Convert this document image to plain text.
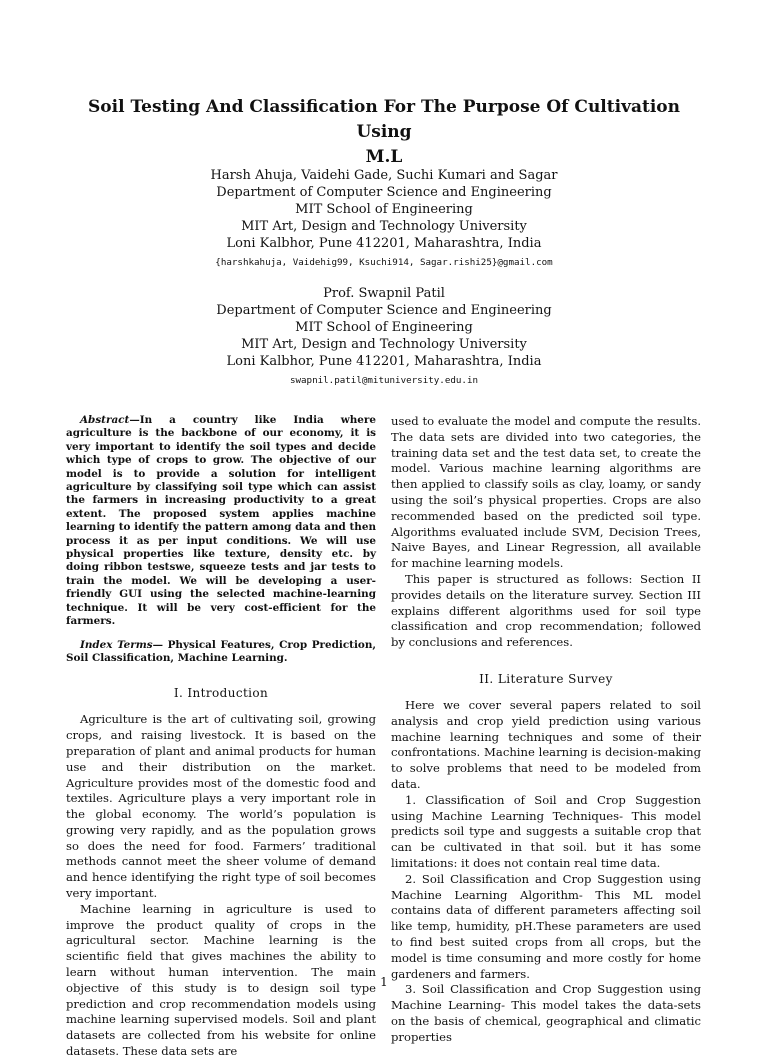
Soil Testing And Classification For The Purpose Of Cultivation Using
M.L
Harsh Ahuja, Vaidehi Gade, Suchi Kumari and Sagar
Department of Computer Science and Engineering
MIT School of Engineering
MIT Art, Design and Technology University
Loni Kalbhor, Pune 412201, Maharashtra, India
{harshkahuja, Vaidehig99, Ksuchi914, Sagar.rishi25}@gmail.com
Prof. Swapnil Patil
Department of Computer Science and Engineering
MIT School of Engineering
MIT Art, Design and Technology University
Loni Kalbhor, Pune 412201, Maharashtra, India
swapnil.patil@mituniversity.edu.in

Abstract—In a country like India where agriculture is the backbone of our economy, it is very important to identify the soil types and decide which type of crops to grow. The objective of our model is to provide a solution for intelligent agriculture by classifying soil type which can assist the farmers in increasing productivity to a great extent. The proposed system applies machine learning to identify the pattern among data and then process it as per input conditions. We will use physical properties like texture, density etc. by doing ribbon testswe, squeeze tests and jar tests to train the model. We will be developing a user-friendly GUI using the selected machine-learning technique. It will be very cost-efficient for the farmers.

Index Terms— Physical Features, Crop Prediction, Soil Classification, Machine Learning.

I. Introduction

Agriculture is the art of cultivating soil, growing crops, and raising livestock. It is based on the preparation of plant and animal products for human use and their distribution on the market. Agriculture provides most of the domestic food and textiles. Agriculture plays a very important role in the global economy. The world’s population is growing very rapidly, and as the population grows so does the need for food. Farmers’ traditional methods cannot meet the sheer volume of demand and hence identifying the right type of soil becomes very important.

Machine learning in agriculture is used to improve the product quality of crops in the agricultural sector. Machine learning is the scientific field that gives machines the ability to learn without human intervention. The main objective of this study is to design soil type prediction and crop recommendation models using machine learning supervised models. Soil and plant datasets are collected from his website for online datasets. These data sets are

used to evaluate the model and compute the results. The data sets are divided into two categories, the training data set and the test data set, to create the model. Various machine learning algorithms are then applied to classify soils as clay, loamy, or sandy using the soil’s physical properties. Crops are also recommended based on the predicted soil type. Algorithms evaluated include SVM, Decision Trees, Naive Bayes, and Linear Regression, all available for machine learning models.

This paper is structured as follows: Section II provides details on the literature survey. Section III explains different algorithms used for soil type classification and crop recommendation; followed by conclusions and references.

II. Literature Survey

Here we cover several papers related to soil analysis and crop yield prediction using various machine learning techniques and some of their confrontations. Machine learning is decision-making to solve problems that need to be modeled from data.

1. Classification of Soil and Crop Suggestion using Machine Learning Techniques- This model predicts soil type and suggests a suitable crop that can be cultivated in that soil. but it has some limitations: it does not contain real time data.

2. Soil Classification and Crop Suggestion using Machine Learning Algorithm- This ML model contains data of different parameters affecting soil like temp, humidity, pH.These parameters are used to find best suited crops from all crops, but the model is time consuming and more costly for home gardeners and farmers.

3. Soil Classification and Crop Suggestion using Machine Learning- This model takes the data-sets on the basis of chemical, geographical and climatic properties

1
